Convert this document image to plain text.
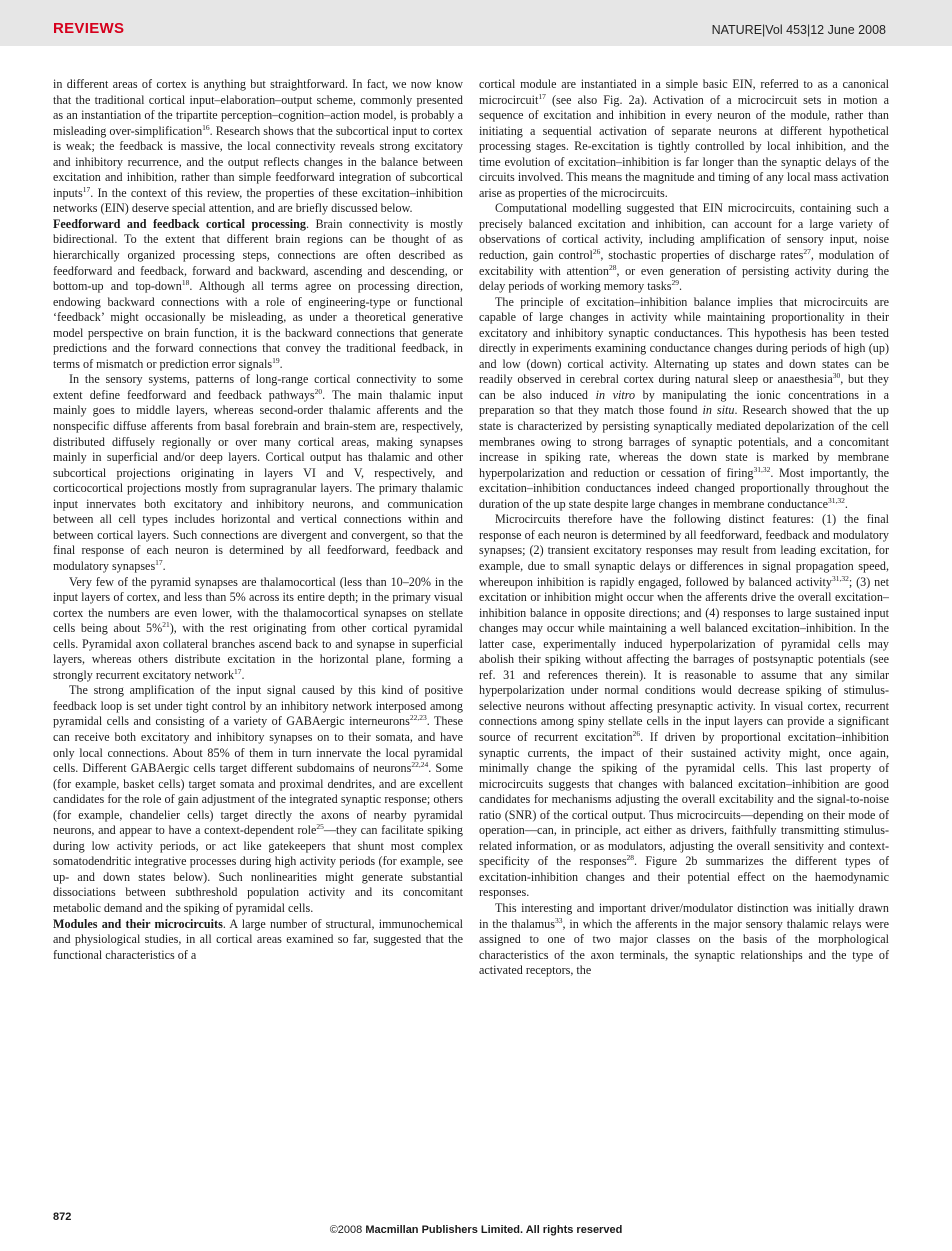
REVIEWS	NATURE|Vol 453|12 June 2008

in different areas of cortex is anything but straightforward. In fact, we now know that the traditional cortical input–elaboration–output scheme, commonly presented as an instantiation of the tripartite perception–cognition–action model, is probably a misleading over-simplification$^{16}$. Research shows that the subcortical input to cortex is weak; the feedback is massive, the local connectivity reveals strong excitatory and inhibitory recurrence, and the output reflects changes in the balance between excitation and inhibition, rather than simple feedforward integration of subcortical inputs$^{17}$. In the context of this review, the properties of these excitation–inhibition networks (EIN) deserve special attention, and are briefly discussed below.

Feedforward and feedback cortical processing. Brain connectivity is mostly bidirectional. To the extent that different brain regions can be thought of as hierarchically organized processing steps, connections are often described as feedforward and feedback, forward and backward, ascending and descending, or bottom-up and top-down$^{18}$. Although all terms agree on processing direction, endowing backward connections with a role of engineering-type or functional ‘feedback’ might occasionally be misleading, as under a theoretical generative model perspective on brain function, it is the backward connections that generate predictions and the forward connections that convey the traditional feedback, in terms of mismatch or prediction error signals$^{19}$.

In the sensory systems, patterns of long-range cortical connectivity to some extent define feedforward and feedback pathways$^{20}$. The main thalamic input mainly goes to middle layers, whereas second-order thalamic afferents and the nonspecific diffuse afferents from basal forebrain and brain-stem are, respectively, distributed diffusely regionally or over many cortical areas, making synapses mainly in superficial and/or deep layers. Cortical output has thalamic and other subcortical projections originating in layers VI and V, respectively, and corticocortical projections mostly from supragranular layers. The primary thalamic input innervates both excitatory and inhibitory neurons, and communication between all cell types includes horizontal and vertical connections within and between cortical layers. Such connections are divergent and convergent, so that the final response of each neuron is determined by all feedforward, feedback and modulatory synapses$^{17}$.

Very few of the pyramid synapses are thalamocortical (less than 10–20% in the input layers of cortex, and less than 5% across its entire depth; in the primary visual cortex the numbers are even lower, with the thalamocortical synapses on stellate cells being about 5%$^{21}$), with the rest originating from other cortical pyramidal cells. Pyramidal axon collateral branches ascend back to and synapse in superficial layers, whereas others distribute excitation in the horizontal plane, forming a strongly recurrent excitatory network$^{17}$.

The strong amplification of the input signal caused by this kind of positive feedback loop is set under tight control by an inhibitory network interposed among pyramidal cells and consisting of a variety of GABAergic interneurons$^{22,23}$. These can receive both excitatory and inhibitory synapses on to their somata, and have only local connections. About 85% of them in turn innervate the local pyramidal cells. Different GABAergic cells target different subdomains of neurons$^{22,24}$. Some (for example, basket cells) target somata and proximal dendrites, and are excellent candidates for the role of gain adjustment of the integrated synaptic response; others (for example, chandelier cells) target directly the axons of nearby pyramidal neurons, and appear to have a context-dependent role$^{25}$—they can facilitate spiking during low activity periods, or act like gatekeepers that shunt most complex somatodendritic integrative processes during high activity periods (for example, see up- and down states below). Such nonlinearities might generate substantial dissociations between subthreshold population activity and its concomitant metabolic demand and the spiking of pyramidal cells.

Modules and their microcircuits. A large number of structural, immunochemical and physiological studies, in all cortical areas examined so far, suggested that the functional characteristics of a

cortical module are instantiated in a simple basic EIN, referred to as a canonical microcircuit$^{17}$ (see also Fig. 2a). Activation of a microcircuit sets in motion a sequence of excitation and inhibition in every neuron of the module, rather than initiating a sequential activation of separate neurons at different hypothetical processing stages. Re-excitation is tightly controlled by local inhibition, and the time evolution of excitation–inhibition is far longer than the synaptic delays of the circuits involved. This means the magnitude and timing of any local mass activation arise as properties of the microcircuits.

Computational modelling suggested that EIN microcircuits, containing such a precisely balanced excitation and inhibition, can account for a large variety of observations of cortical activity, including amplification of sensory input, noise reduction, gain control$^{26}$, stochastic properties of discharge rates$^{27}$, modulation of excitability with attention$^{28}$, or even generation of persisting activity during the delay periods of working memory tasks$^{29}$.

The principle of excitation–inhibition balance implies that microcircuits are capable of large changes in activity while maintaining proportionality in their excitatory and inhibitory synaptic conductances. This hypothesis has been tested directly in experiments examining conductance changes during periods of high (up) and low (down) cortical activity. Alternating up states and down states can be readily observed in cerebral cortex during natural sleep or anaesthesia$^{30}$, but they can be also induced in vitro by manipulating the ionic concentrations in a preparation so that they match those found in situ. Research showed that the up state is characterized by persisting synaptically mediated depolarization of the cell membranes owing to strong barrages of synaptic potentials, and a concomitant increase in spiking rate, whereas the down state is marked by membrane hyperpolarization and reduction or cessation of firing$^{31,32}$. Most importantly, the excitation–inhibition conductances indeed changed proportionally throughout the duration of the up state despite large changes in membrane conductance$^{31,32}$.

Microcircuits therefore have the following distinct features: (1) the final response of each neuron is determined by all feedforward, feedback and modulatory synapses; (2) transient excitatory responses may result from leading excitation, for example, due to small synaptic delays or differences in signal propagation speed, whereupon inhibition is rapidly engaged, followed by balanced activity$^{31,32}$; (3) net excitation or inhibition might occur when the afferents drive the overall excitation–inhibition balance in opposite directions; and (4) responses to large sustained input changes may occur while maintaining a well balanced excitation–inhibition. In the latter case, experimentally induced hyperpolarization of pyramidal cells may abolish their spiking without affecting the barrages of postsynaptic potentials (see ref. 31 and references therein). It is reasonable to assume that any similar hyperpolarization under normal conditions would decrease spiking of stimulus-selective neurons without affecting presynaptic activity. In visual cortex, recurrent connections among spiny stellate cells in the input layers can provide a significant source of recurrent excitation$^{26}$. If driven by proportional excitation–inhibition synaptic currents, the impact of their sustained activity might, once again, minimally change the spiking of the pyramidal cells. This last property of microcircuits suggests that changes with balanced excitation–inhibition are good candidates for mechanisms adjusting the overall excitability and the signal-to-noise ratio (SNR) of the cortical output. Thus microcircuits—depending on their mode of operation—can, in principle, act either as drivers, faithfully transmitting stimulus-related information, or as modulators, adjusting the overall sensitivity and context-specificity of the responses$^{28}$. Figure 2b summarizes the different types of excitation-inhibition changes and their potential effect on the haemodynamic responses.

This interesting and important driver/modulator distinction was initially drawn in the thalamus$^{33}$, in which the afferents in the major sensory thalamic relays were assigned to one of two major classes on the basis of the morphological characteristics of the axon terminals, the synaptic relationships and the type of activated receptors, the

872
©2008 Macmillan Publishers Limited. All rights reserved
